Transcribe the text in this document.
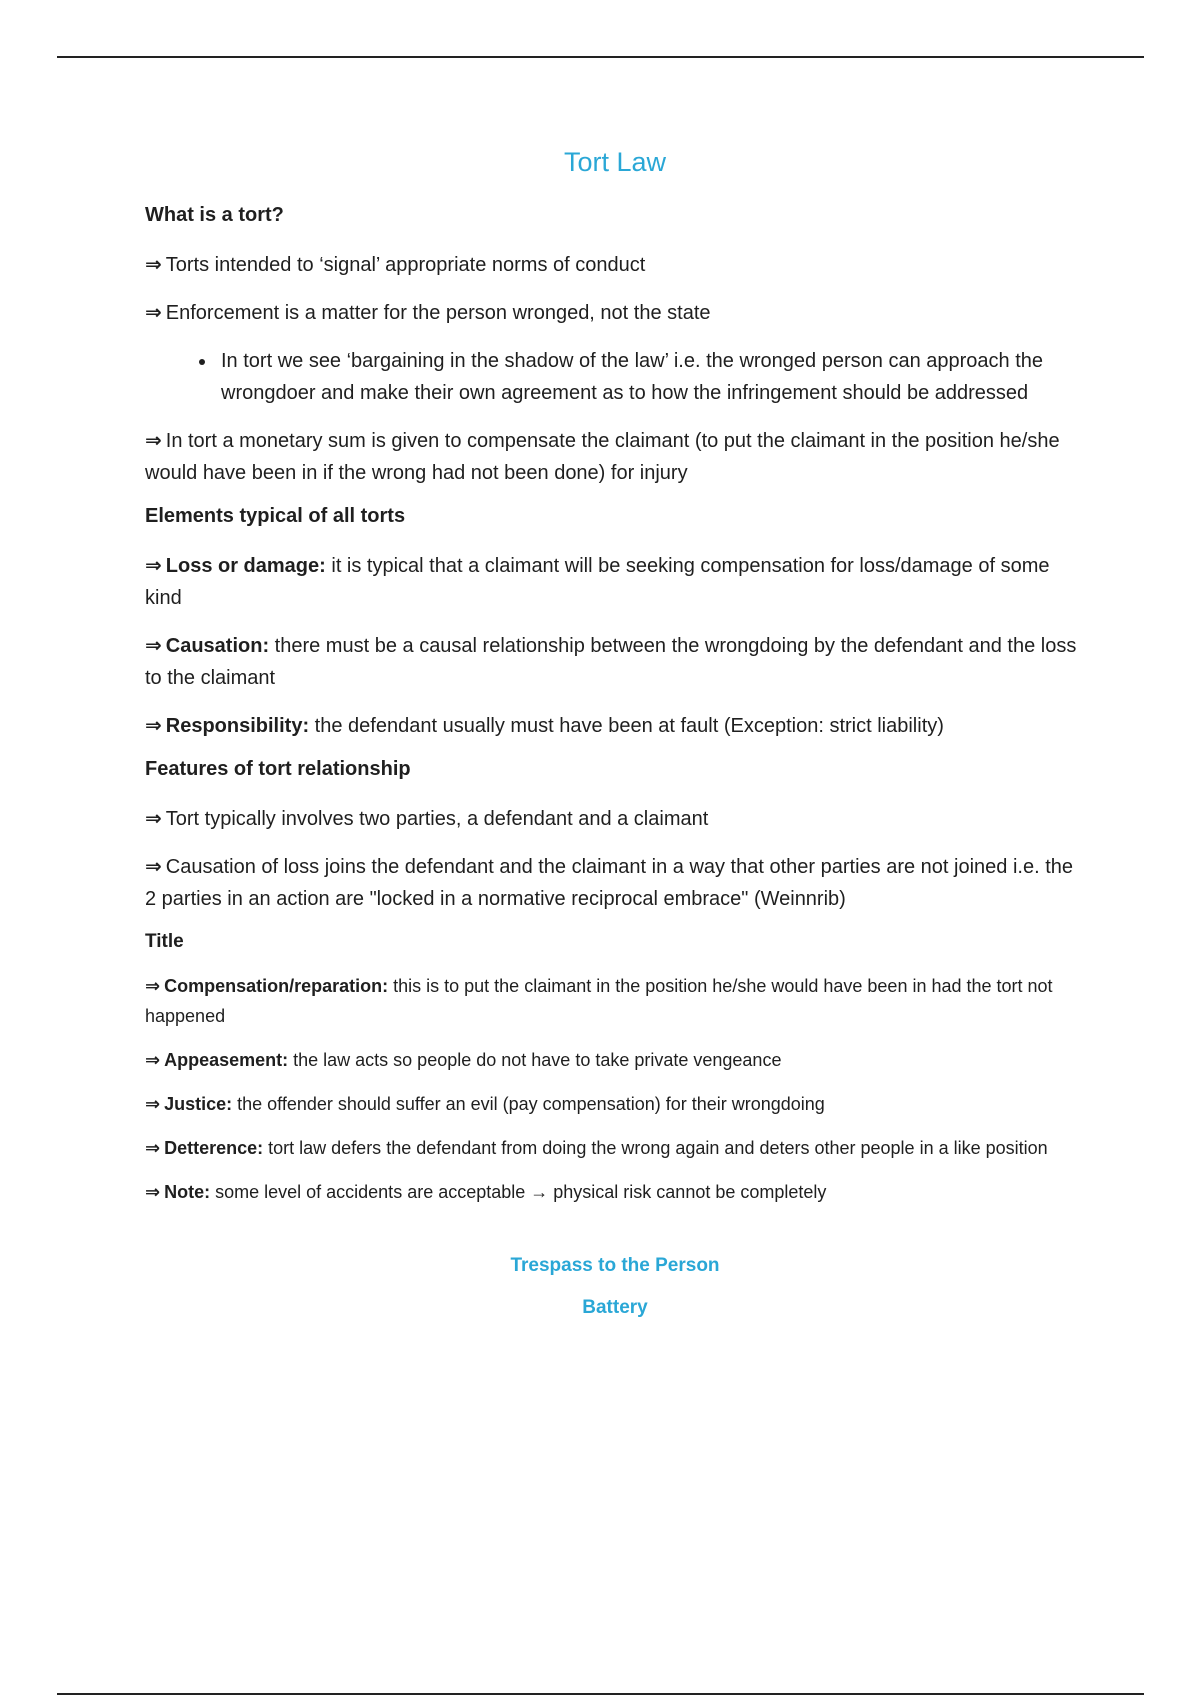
Tort Law
What is a tort?

⇒ Torts intended to ‘signal’ appropriate norms of conduct

⇒ Enforcement is a matter for the person wronged, not the state

• In tort we see ‘bargaining in the shadow of the law’ i.e. the wronged person can approach the wrongdoer and make their own agreement as to how the infringement should be addressed

⇒ In tort a monetary sum is given to compensate the claimant (to put the claimant in the position he/she would have been in if the wrong had not been done) for injury

Elements typical of all torts

⇒ Loss or damage: it is typical that a claimant will be seeking compensation for loss/damage of some kind

⇒ Causation: there must be a causal relationship between the wrongdoing by the defendant and the loss to the claimant

⇒ Responsibility: the defendant usually must have been at fault (Exception: strict liability)

Features of tort relationship

⇒ Tort typically involves two parties, a defendant and a claimant

⇒ Causation of loss joins the defendant and the claimant in a way that other parties are not joined i.e. the 2 parties in an action are "locked in a normative reciprocal embrace" (Weinnrib)

Title

⇒ Compensation/reparation: this is to put the claimant in the position he/she would have been in had the tort not happened

⇒ Appeasement: the law acts so people do not have to take private vengeance

⇒ Justice: the offender should suffer an evil (pay compensation) for their wrongdoing

⇒ Detterence: tort law defers the defendant from doing the wrong again and deters other people in a like position

⇒ Note: some level of accidents are acceptable → physical risk cannot be completely

Trespass to the Person
Battery
